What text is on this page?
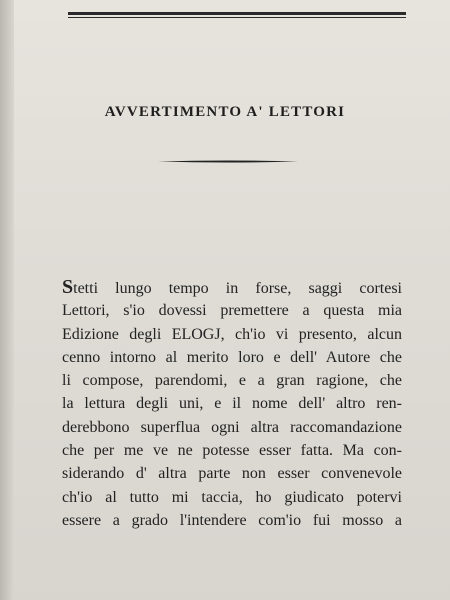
AVVERTIMENTO A' LETTORI
Stetti lungo tempo in forse, saggi cortesi
Lettori, s'io dovessi premettere a questa mia
Edizione degli ELOGJ, ch'io vi presento, alcun
cenno intorno al merito loro e dell' Autore che
li compose, parendomi, e a gran ragione, che
la lettura degli uni, e il nome dell' altro ren-
derebbono superflua ogni altra raccomandazione
che per me ve ne potesse esser fatta. Ma con-
siderando d' altra parte non esser convenevole
ch'io al tutto mi taccia, ho giudicato potervi
essere a grado l'intendere com'io fui mosso a
